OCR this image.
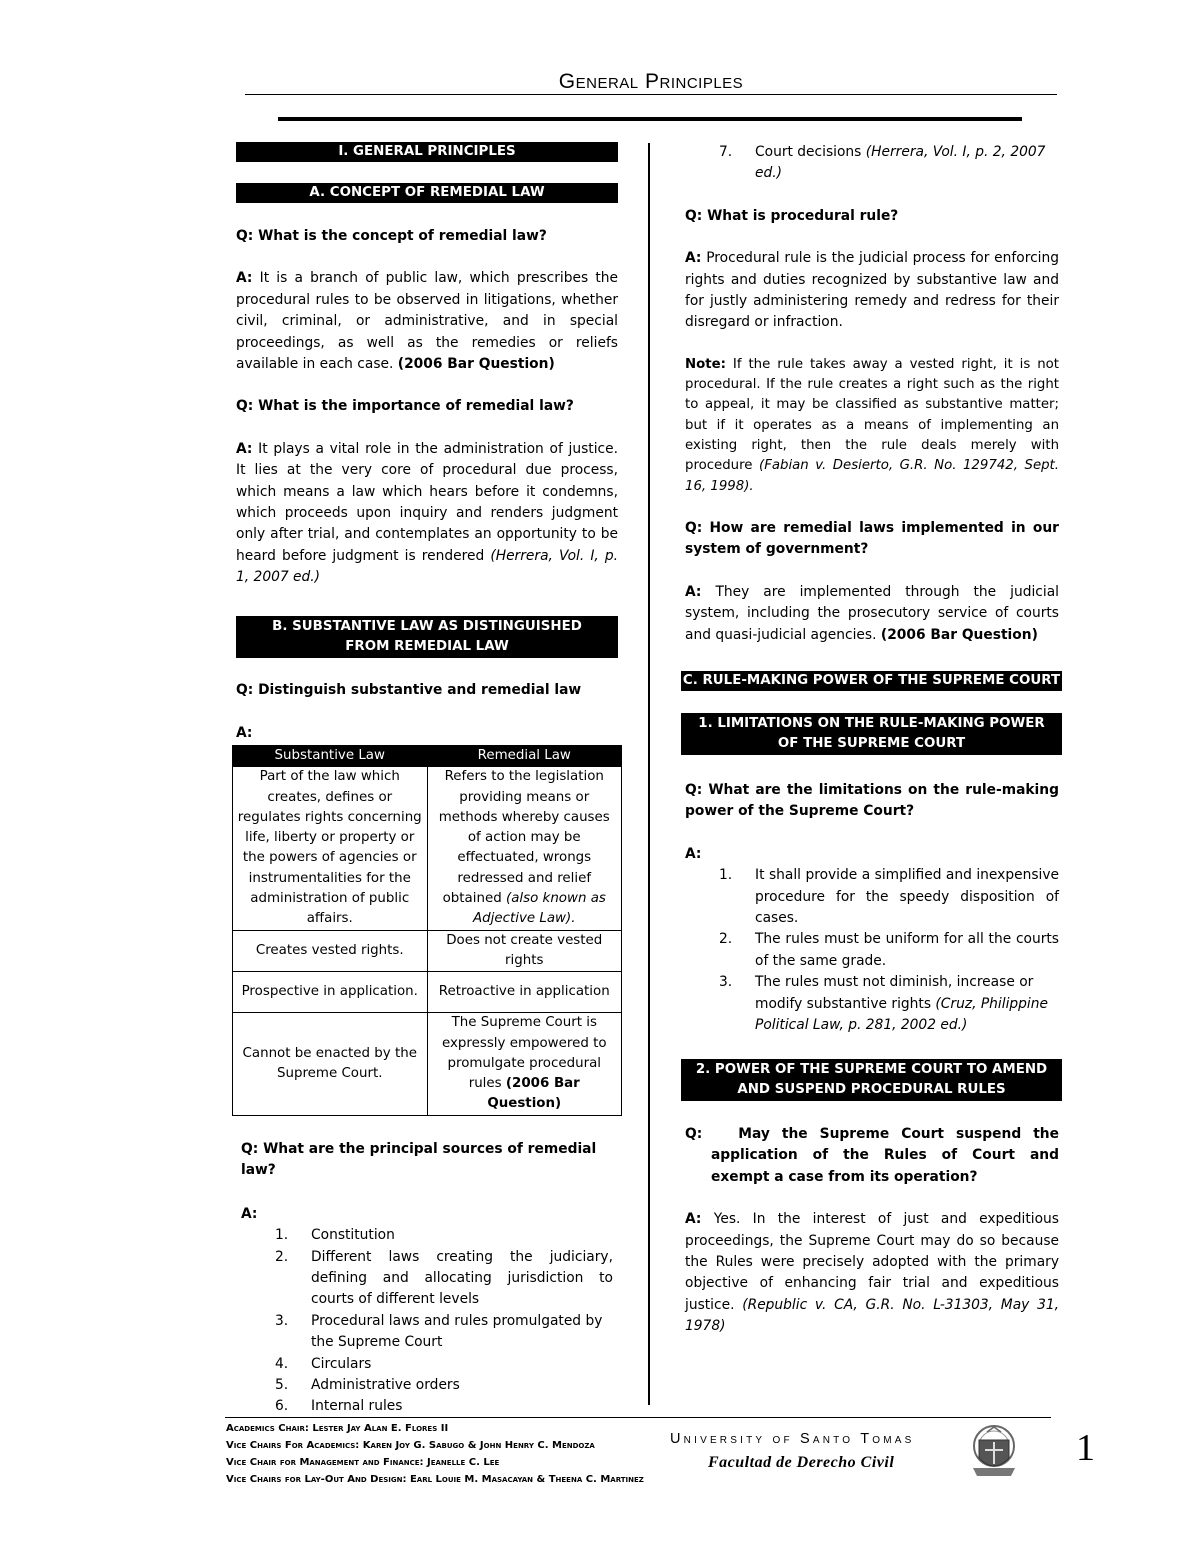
General Principles
I. GENERAL PRINCIPLES
A. CONCEPT OF REMEDIAL LAW

Q: What is the concept of remedial law?

A: It is a branch of public law, which prescribes the procedural rules to be observed in litigations, whether civil, criminal, or administrative, and in special proceedings, as well as the remedies or reliefs available in each case. (2006 Bar Question)

Q: What is the importance of remedial law?

A: It plays a vital role in the administration of justice. It lies at the very core of procedural due process, which means a law which hears before it condemns, which proceeds upon inquiry and renders judgment only after trial, and contemplates an opportunity to be heard before judgment is rendered (Herrera, Vol. I, p. 1, 2007 ed.)

B. SUBSTANTIVE LAW AS DISTINGUISHED FROM REMEDIAL LAW

Q: Distinguish substantive and remedial law

A:

Substantive Law	Remedial Law
Part of the law which creates, defines or regulates rights concerning life, liberty or property or the powers of agencies or instrumentalities for the administration of public affairs.	Refers to the legislation providing means or methods whereby causes of action may be effectuated, wrongs redressed and relief obtained (also known as Adjective Law).
Creates vested rights.	Does not create vested rights
Prospective in application.	Retroactive in application
Cannot be enacted by the Supreme Court.	The Supreme Court is expressly empowered to promulgate procedural rules (2006 Bar Question)

Q: What are the principal sources of remedial law?

A:

1. Constitution
2. Different laws creating the judiciary, defining and allocating jurisdiction to courts of different levels
3. Procedural laws and rules promulgated by the Supreme Court
4. Circulars
5. Administrative orders
6. Internal rules
7. Court decisions (Herrera, Vol. I, p. 2, 2007 ed.)

Q: What is procedural rule?

A: Procedural rule is the judicial process for enforcing rights and duties recognized by substantive law and for justly administering remedy and redress for their disregard or infraction.

Note: If the rule takes away a vested right, it is not procedural. If the rule creates a right such as the right to appeal, it may be classified as substantive matter; but if it operates as a means of implementing an existing right, then the rule deals merely with procedure (Fabian v. Desierto, G.R. No. 129742, Sept. 16, 1998).

Q: How are remedial laws implemented in our system of government?

A: They are implemented through the judicial system, including the prosecutory service of courts and quasi-judicial agencies. (2006 Bar Question)

C. RULE-MAKING POWER OF THE SUPREME COURT
1. LIMITATIONS ON THE RULE-MAKING POWER OF THE SUPREME COURT

Q: What are the limitations on the rule-making power of the Supreme Court?

A:

1. It shall provide a simplified and inexpensive procedure for the speedy disposition of cases.
2. The rules must be uniform for all the courts of the same grade.
3. The rules must not diminish, increase or modify substantive rights (Cruz, Philippine Political Law, p. 281, 2002 ed.)
2. POWER OF THE SUPREME COURT TO AMEND AND SUSPEND PROCEDURAL RULES

Q:	May the Supreme Court suspend the application of the Rules of Court and exempt a case from its operation?

A: Yes. In the interest of just and expeditious proceedings, the Supreme Court may do so because the Rules were precisely adopted with the primary objective of enhancing fair trial and expeditious justice. (Republic v. CA, G.R. No. L-31303, May 31, 1978)

Academics Chair: Lester Jay Alan E. Flores II
Vice Chairs For Academics: Karen Joy G. Sabugo & John Henry C. Mendoza
Vice Chair for Management and Finance: Jeanelle C. Lee
Vice Chairs for Lay-Out And Design: Earl Louie M. Masacayan & Theena C. Martinez
University of Santo Tomas
Facultad de Derecho Civil	1
